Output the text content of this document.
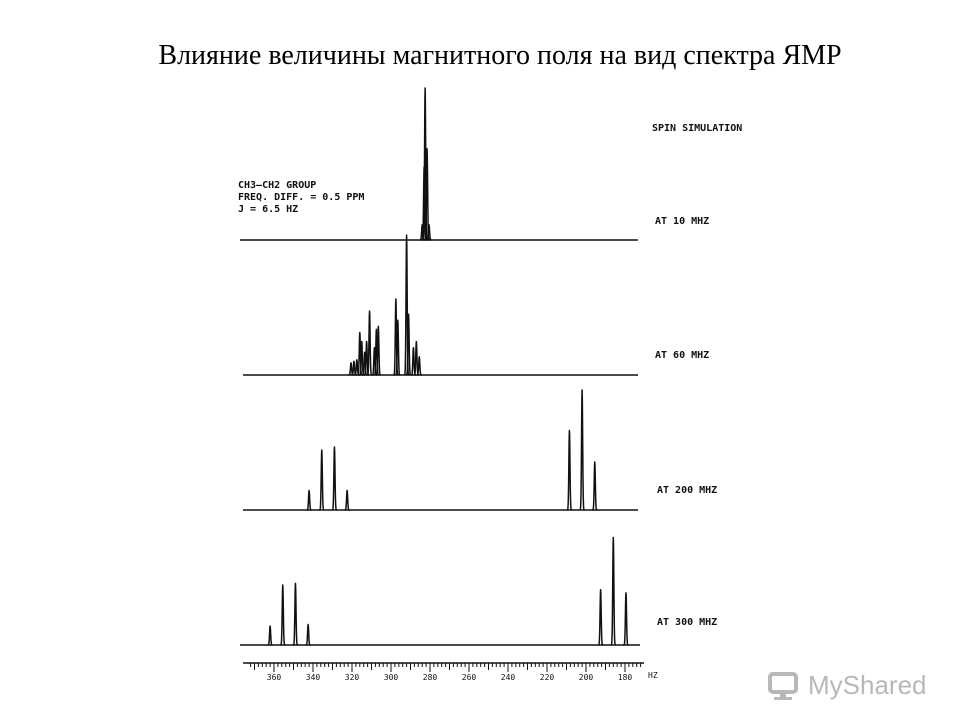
Влияние величины магнитного поля на вид спектра ЯМР
SPIN SIMULATION
CH3–CH2 GROUP
FREQ. DIFF. = 0.5 PPM
J = 6.5 HZ
AT 10 MHZ
AT 60 MHZ
AT 200 MHZ
AT 300 MHZ
360	340	320	300	280	260	240	220	200	180 HZ	MyShared
